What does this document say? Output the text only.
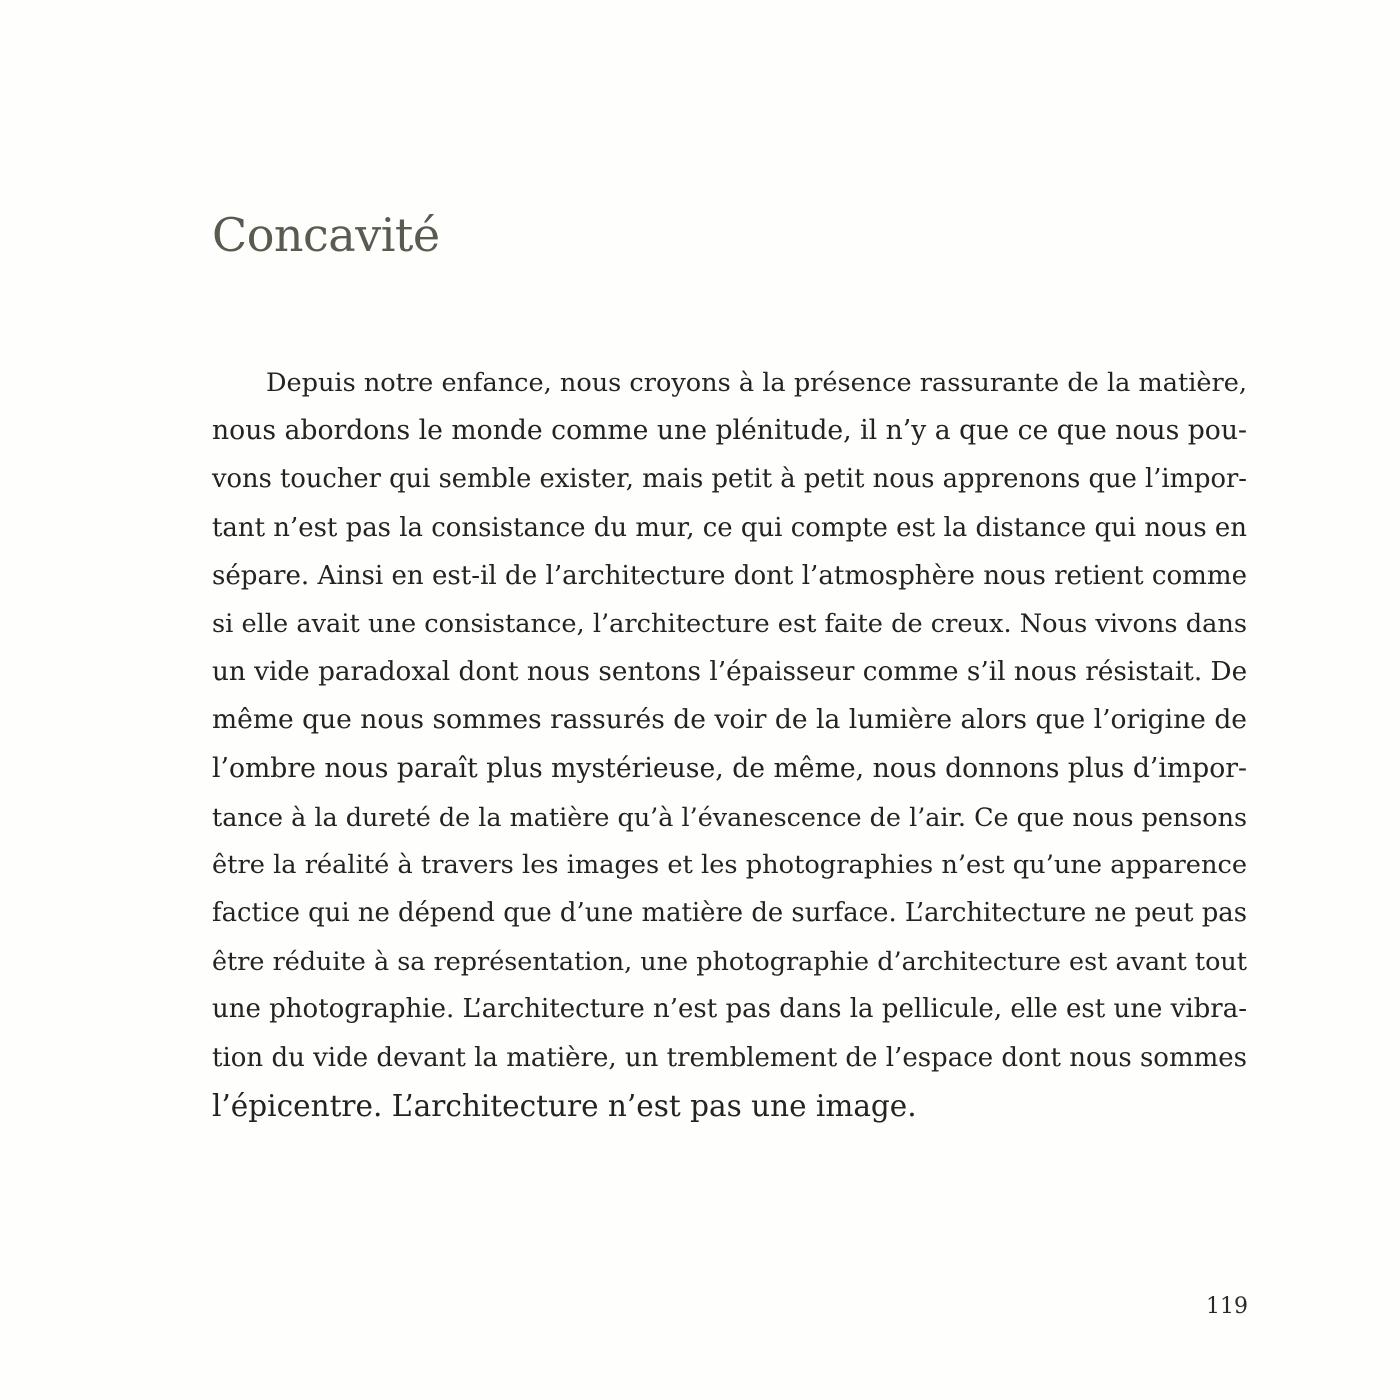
Concavité
Depuis notre enfance, nous croyons à la présence rassurante de la matière,
nous abordons le monde comme une plénitude, il n’y a que ce que nous pou-
vons toucher qui semble exister, mais petit à petit nous apprenons que l’impor-
tant n’est pas la consistance du mur, ce qui compte est la distance qui nous en
sépare. Ainsi en est-il de l’architecture dont l’atmosphère nous retient comme
si elle avait une consistance, l’architecture est faite de creux. Nous vivons dans
un vide paradoxal dont nous sentons l’épaisseur comme s’il nous résistait. De
même que nous sommes rassurés de voir de la lumière alors que l’origine de
l’ombre nous paraît plus mystérieuse, de même, nous donnons plus d’impor-
tance à la dureté de la matière qu’à l’évanescence de l’air. Ce que nous pensons
être la réalité à travers les images et les photographies n’est qu’une apparence
factice qui ne dépend que d’une matière de surface. L’architecture ne peut pas
être réduite à sa représentation, une photographie d’architecture est avant tout
une photographie. L’architecture n’est pas dans la pellicule, elle est une vibra-
tion du vide devant la matière, un tremblement de l’espace dont nous sommes
l’épicentre. L’architecture n’est pas une image.
119
